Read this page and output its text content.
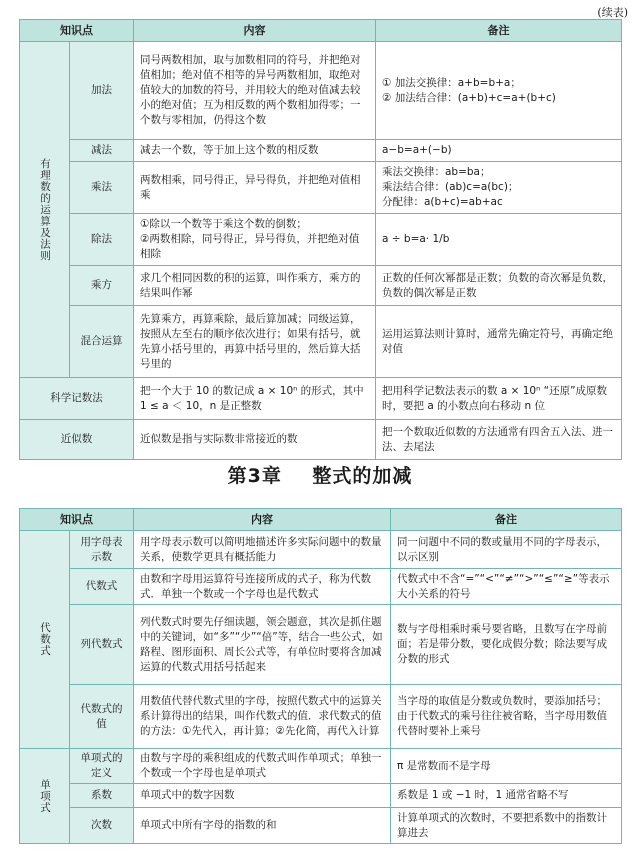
(续表)
知识点		内容	备注

有理数的运算及法则	加法	同号两数相加，取与加数相同的符号，并把绝对值相加；绝对值不相等的异号两数相加，取绝对值较大的加数的符号，并用较大的绝对值减去较小的绝对值；互为相反数的两个数相加得零；一个数与零相加，仍得这个数	① 加法交换律：a+b=b+a；
② 加法结合律：(a+b)+c=a+(b+c)
	减法	减去一个数，等于加上这个数的相反数	a−b=a+(−b)
	乘法	两数相乘，同号得正，异号得负，并把绝对值相乘	乘法交换律：ab=ba；
乘法结合律：(ab)c=a(bc)；
分配律：a(b+c)=ab+ac
	除法	①除以一个数等于乘这个数的倒数；
②两数相除，同号得正，异号得负，并把绝对值相除	a ÷ b=a· 1/b
	乘方	求几个相同因数的积的运算，叫作乘方，乘方的结果叫作幂	正数的任何次幂都是正数；负数的奇次幂是负数，负数的偶次幂是正数
	混合运算	先算乘方，再算乘除，最后算加减；同级运算，按照从左至右的顺序依次进行；如果有括号，就先算小括号里的，再算中括号里的，然后算大括号里的	运用运算法则计算时，通常先确定符号，再确定绝对值
科学记数法		把一个大于 10 的数记成 a × 10ⁿ 的形式，其中 1 ≤ a ＜ 10，n 是正整数	把用科学记数法表示的数 a × 10ⁿ “还原”成原数时，要把 a 的小数点向右移动 n 位
近似数		近似数是指与实际数非常接近的数	把一个数取近似数的方法通常有四舍五入法、进一法、去尾法
第3章    整式的加减
知识点		内容	备注

代数式	用字母表示数	用字母表示数可以简明地描述许多实际问题中的数量关系，使数学更具有概括能力	同一问题中不同的数或量用不同的字母表示，以示区别
	代数式	由数和字母用运算符号连接所成的式子，称为代数式．单独一个数或一个字母也是代数式	代数式中不含“=”“<”“≠”“>”“≤”“≥”等表示大小关系的符号
	列代数式	列代数式时要先仔细读题，领会题意，其次是抓住题中的关键词，如“多”“少”“倍”等，结合一些公式，如路程、图形面积、周长公式等，有单位时要将含加减运算的代数式用括号括起来	数与字母相乘时乘号要省略，且数写在字母前面；若是带分数，要化成假分数；除法要写成分数的形式
	代数式的值	用数值代替代数式里的字母，按照代数式中的运算关系计算得出的结果，叫作代数式的值．求代数式的值的方法：①先代入，再计算；②先化简，再代入计算	当字母的取值是分数或负数时，要添加括号；由于代数式的乘号往往被省略，当字母用数值代替时要补上乘号

单项式	单项式的定义	由数与字母的乘积组成的代数式叫作单项式；单独一个数或一个字母也是单项式	π 是常数而不是字母
	系数	单项式中的数字因数	系数是 1 或 −1 时，1 通常省略不写
	次数	单项式中所有字母的指数的和	计算单项式的次数时，不要把系数中的指数计算进去
